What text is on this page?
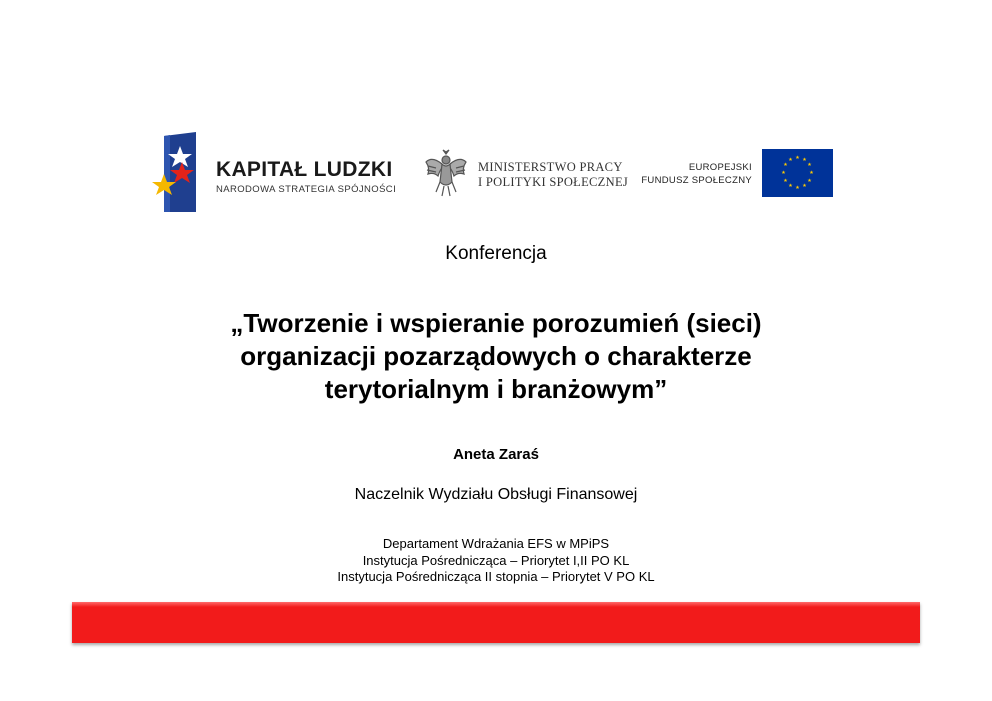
KAPITAŁ LUDZKI
NARODOWA STRATEGIA SPÓJNOŚCI
MINISTERSTWO PRACY
I POLITYKI SPOŁECZNEJ
EUROPEJSKI
FUNDUSZ SPOŁECZNY
★ ★
★
★
★
★
★
★
★
★
★
★
Konferencja
„Tworzenie i wspieranie porozumień (sieci)
organizacji pozarządowych o charakterze
terytorialnym i branżowym”
Aneta Zaraś
Naczelnik Wydziału Obsługi Finansowej
Departament Wdrażania EFS w MPiPS
Instytucja Pośrednicząca – Priorytet I,II PO KL
Instytucja Pośrednicząca II stopnia – Priorytet V PO KL
